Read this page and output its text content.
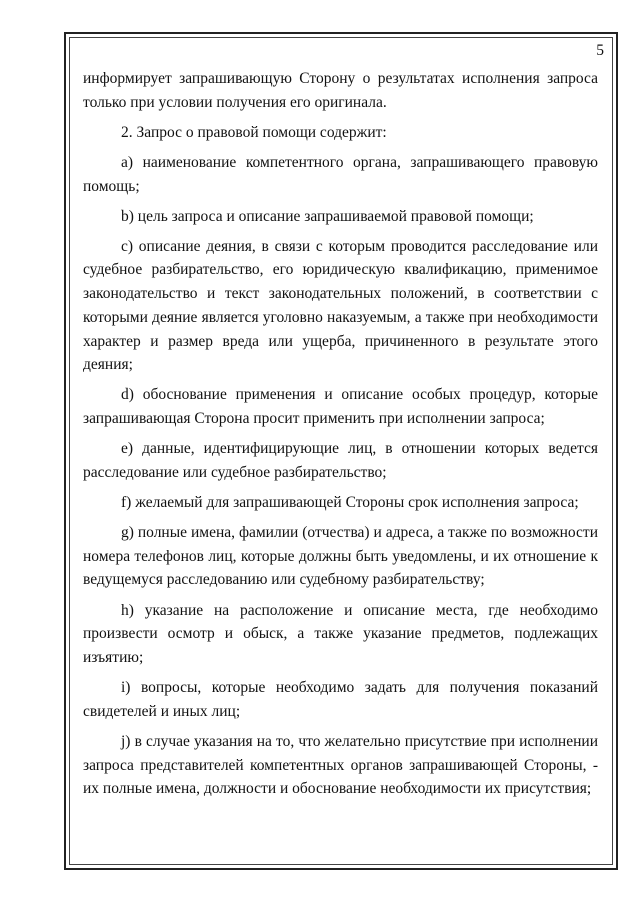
5

информирует запрашивающую Сторону о результатах исполнения запроса только при условии получения его оригинала.

2. Запрос о правовой помощи содержит:

a) наименование компетентного органа, запрашивающего правовую помощь;

b) цель запроса и описание запрашиваемой правовой помощи;

c) описание деяния, в связи с которым проводится расследование или судебное разбирательство, его юридическую квалификацию, применимое законодательство и текст законодательных положений, в соответствии с которыми деяние является уголовно наказуемым, а также при необходимости характер и размер вреда или ущерба, причиненного в результате этого деяния;

d) обоснование применения и описание особых процедур, которые запрашивающая Сторона просит применить при исполнении запроса;

e) данные, идентифицирующие лиц, в отношении которых ведется расследование или судебное разбирательство;

f) желаемый для запрашивающей Стороны срок исполнения запроса;

g) полные имена, фамилии (отчества) и адреса, а также по возможности номера телефонов лиц, которые должны быть уведомлены, и их отношение к ведущемуся расследованию или судебному разбирательству;

h) указание на расположение и описание места, где необходимо произвести осмотр и обыск, а также указание предметов, подлежащих изъятию;

i) вопросы, которые необходимо задать для получения показаний свидетелей и иных лиц;

j) в случае указания на то, что желательно присутствие при исполнении запроса представителей компетентных органов запрашивающей Стороны, - их полные имена, должности и обоснование необходимости их присутствия;
